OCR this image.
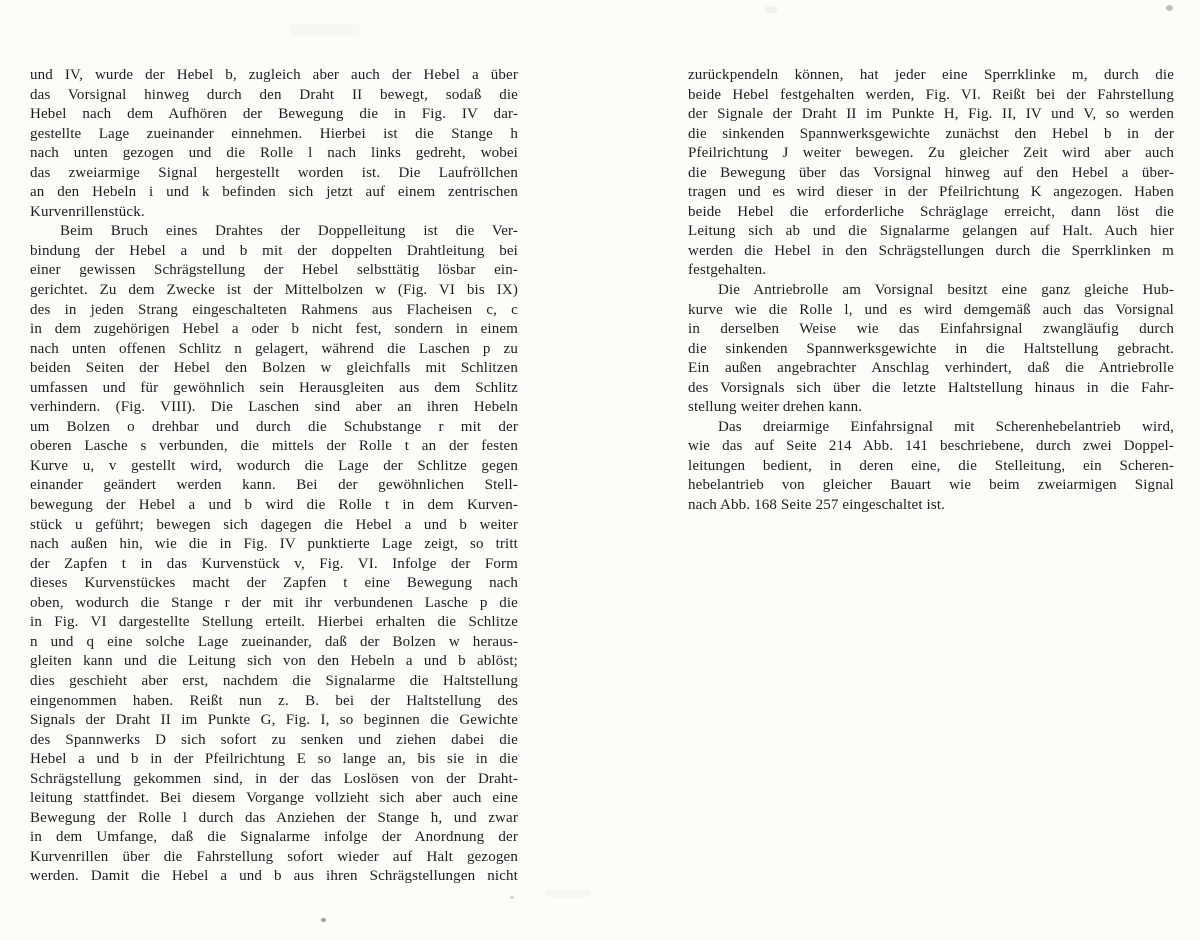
und IV, wurde der Hebel b, zugleich aber auch der Hebel a über
das Vorsignal hinweg durch den Draht II bewegt, sodaß die
Hebel nach dem Aufhören der Bewegung die in Fig. IV dar-
gestellte Lage zueinander einnehmen. Hierbei ist die Stange h
nach unten gezogen und die Rolle l nach links gedreht, wobei
das zweiarmige Signal hergestellt worden ist. Die Laufröllchen
an den Hebeln i und k befinden sich jetzt auf einem zentrischen
Kurvenrillenstück.
Beim Bruch eines Drahtes der Doppelleitung ist die Ver-
bindung der Hebel a und b mit der doppelten Drahtleitung bei
einer gewissen Schrägstellung der Hebel selbsttätig lösbar ein-
gerichtet. Zu dem Zwecke ist der Mittelbolzen w (Fig. VI bis IX)
des in jeden Strang eingeschalteten Rahmens aus Flacheisen c, c
in dem zugehörigen Hebel a oder b nicht fest, sondern in einem
nach unten offenen Schlitz n gelagert, während die Laschen p zu
beiden Seiten der Hebel den Bolzen w gleichfalls mit Schlitzen
umfassen und für gewöhnlich sein Herausgleiten aus dem Schlitz
verhindern. (Fig. VIII). Die Laschen sind aber an ihren Hebeln
um Bolzen o drehbar und durch die Schubstange r mit der
oberen Lasche s verbunden, die mittels der Rolle t an der festen
Kurve u, v gestellt wird, wodurch die Lage der Schlitze gegen
einander geändert werden kann. Bei der gewöhnlichen Stell-
bewegung der Hebel a und b wird die Rolle t in dem Kurven-
stück u geführt; bewegen sich dagegen die Hebel a und b weiter
nach außen hin, wie die in Fig. IV punktierte Lage zeigt, so tritt
der Zapfen t in das Kurvenstück v, Fig. VI. Infolge der Form
dieses Kurvenstückes macht der Zapfen t eine Bewegung nach
oben, wodurch die Stange r der mit ihr verbundenen Lasche p die
in Fig. VI dargestellte Stellung erteilt. Hierbei erhalten die Schlitze
n und q eine solche Lage zueinander, daß der Bolzen w heraus-
gleiten kann und die Leitung sich von den Hebeln a und b ablöst;
dies geschieht aber erst, nachdem die Signalarme die Haltstellung
eingenommen haben. Reißt nun z. B. bei der Haltstellung des
Signals der Draht II im Punkte G, Fig. I, so beginnen die Gewichte
des Spannwerks D sich sofort zu senken und ziehen dabei die
Hebel a und b in der Pfeilrichtung E so lange an, bis sie in die
Schrägstellung gekommen sind, in der das Loslösen von der Draht-
leitung stattfindet. Bei diesem Vorgange vollzieht sich aber auch eine
Bewegung der Rolle l durch das Anziehen der Stange h, und zwar
in dem Umfange, daß die Signalarme infolge der Anordnung der
Kurvenrillen über die Fahrstellung sofort wieder auf Halt gezogen
werden. Damit die Hebel a und b aus ihren Schrägstellungen nicht
zurückpendeln können, hat jeder eine Sperrklinke m, durch die
beide Hebel festgehalten werden, Fig. VI. Reißt bei der Fahrstellung
der Signale der Draht II im Punkte H, Fig. II, IV und V, so werden
die sinkenden Spannwerksgewichte zunächst den Hebel b in der
Pfeilrichtung J weiter bewegen. Zu gleicher Zeit wird aber auch
die Bewegung über das Vorsignal hinweg auf den Hebel a über-
tragen und es wird dieser in der Pfeilrichtung K angezogen. Haben
beide Hebel die erforderliche Schräglage erreicht, dann löst die
Leitung sich ab und die Signalarme gelangen auf Halt. Auch hier
werden die Hebel in den Schrägstellungen durch die Sperrklinken m
festgehalten.
Die Antriebrolle am Vorsignal besitzt eine ganz gleiche Hub-
kurve wie die Rolle l, und es wird demgemäß auch das Vorsignal
in derselben Weise wie das Einfahrsignal zwangläufig durch
die sinkenden Spannwerksgewichte in die Haltstellung gebracht.
Ein außen angebrachter Anschlag verhindert, daß die Antriebrolle
des Vorsignals sich über die letzte Haltstellung hinaus in die Fahr-
stellung weiter drehen kann.
Das dreiarmige Einfahrsignal mit Scherenhebelantrieb wird,
wie das auf Seite 214 Abb. 141 beschriebene, durch zwei Doppel-
leitungen bedient, in deren eine, die Stelleitung, ein Scheren-
hebelantrieb von gleicher Bauart wie beim zweiarmigen Signal
nach Abb. 168 Seite 257 eingeschaltet ist.
